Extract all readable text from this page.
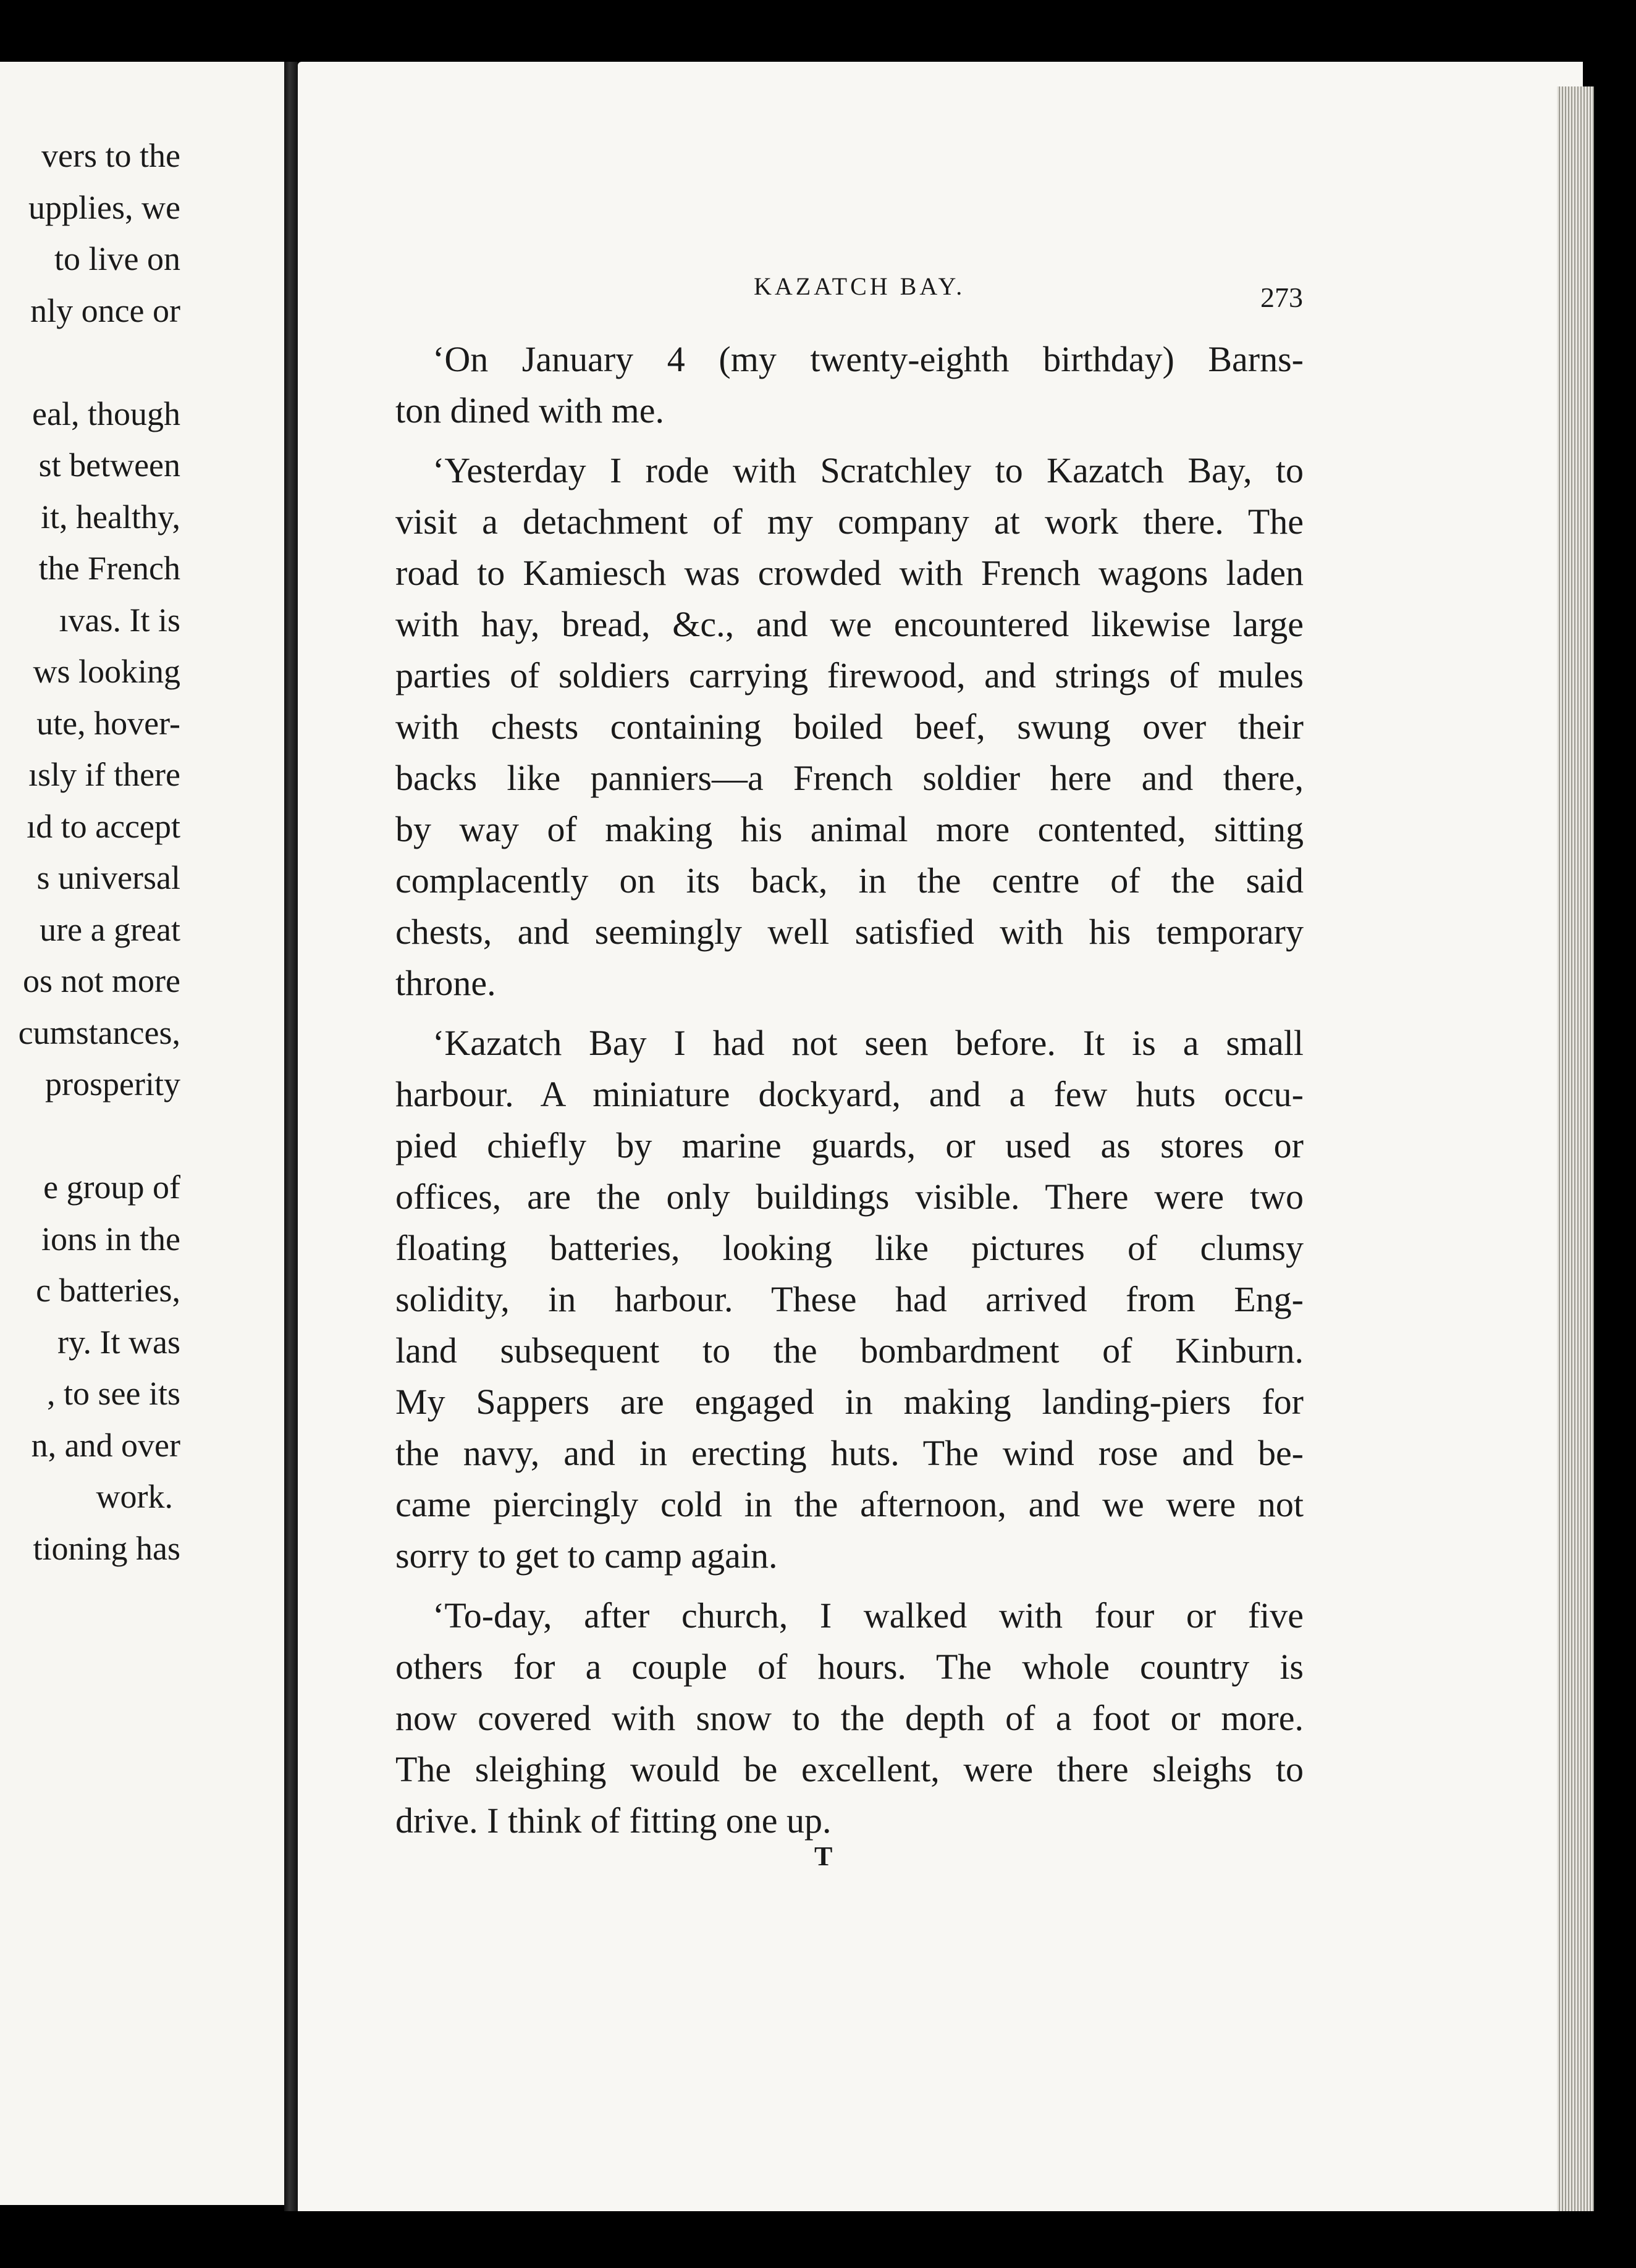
vers to the
upplies, we
to live on
nly once or
eal, though
st between
it, healthy,
the French
ıvas. It is
ws looking
ute, hover-
ısly if there
ıd to accept
s universal
ure a great
os not more
cumstances,
prosperity
e group of
ions in the
c batteries,
ry. It was
, to see its
n, and over
work.
tioning has
KAZATCH BAY.	273
‘On January 4 (my twenty-eighth birthday) Barns-
ton dined with me.
‘Yesterday I rode with Scratchley to Kazatch Bay, to
visit a detachment of my company at work there. The
road to Kamiesch was crowded with French wagons laden
with hay, bread, &c., and we encountered likewise large
parties of soldiers carrying firewood, and strings of mules
with chests containing boiled beef, swung over their
backs like panniers—a French soldier here and there,
by way of making his animal more contented, sitting
complacently on its back, in the centre of the said
chests, and seemingly well satisfied with his temporary
throne.
‘Kazatch Bay I had not seen before. It is a small
harbour. A miniature dockyard, and a few huts occu-
pied chiefly by marine guards, or used as stores or
offices, are the only buildings visible. There were two
floating batteries, looking like pictures of clumsy
solidity, in harbour. These had arrived from Eng-
land subsequent to the bombardment of Kinburn.
My Sappers are engaged in making landing-piers for
the navy, and in erecting huts. The wind rose and be-
came piercingly cold in the afternoon, and we were not
sorry to get to camp again.
‘To-day, after church, I walked with four or five
others for a couple of hours. The whole country is
now covered with snow to the depth of a foot or more.
The sleighing would be excellent, were there sleighs to
drive. I think of fitting one up.
T
